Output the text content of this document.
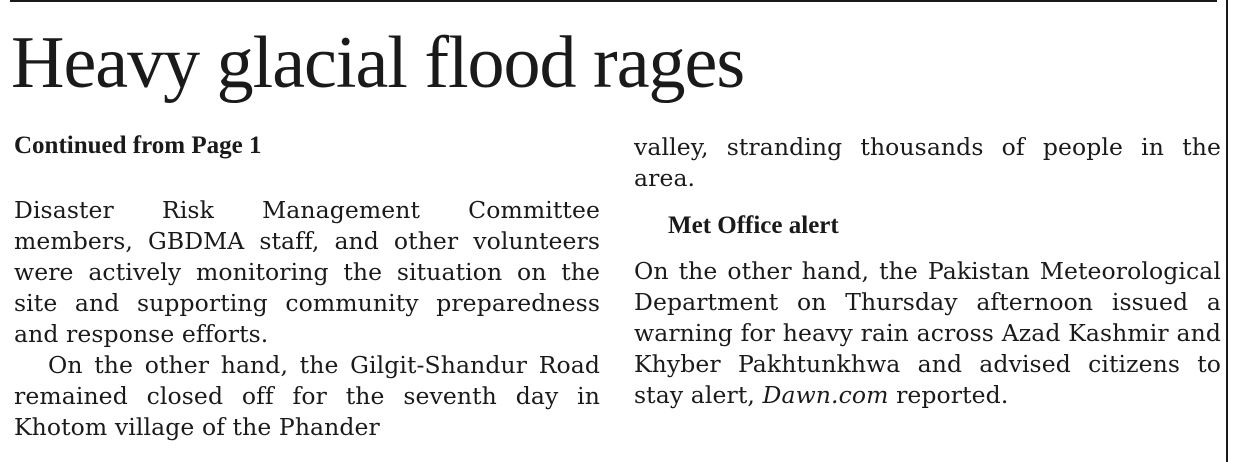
Heavy glacial flood rages
Continued from Page 1

Disaster Risk Management Committee members, GBDMA staff, and other volunteers were actively monitoring the situation on the site and supporting community preparedness and response efforts.

On the other hand, the Gilgit-Shandur Road remained closed off for the seventh day in Khotom village of the Phander

valley, stranding thousands of people in the area.

Met Office alert

On the other hand, the Pakistan Meteorological Department on Thursday afternoon issued a warning for heavy rain across Azad Kashmir and Khyber Pakhtunkhwa and advised citizens to stay alert, Dawn.com reported.
